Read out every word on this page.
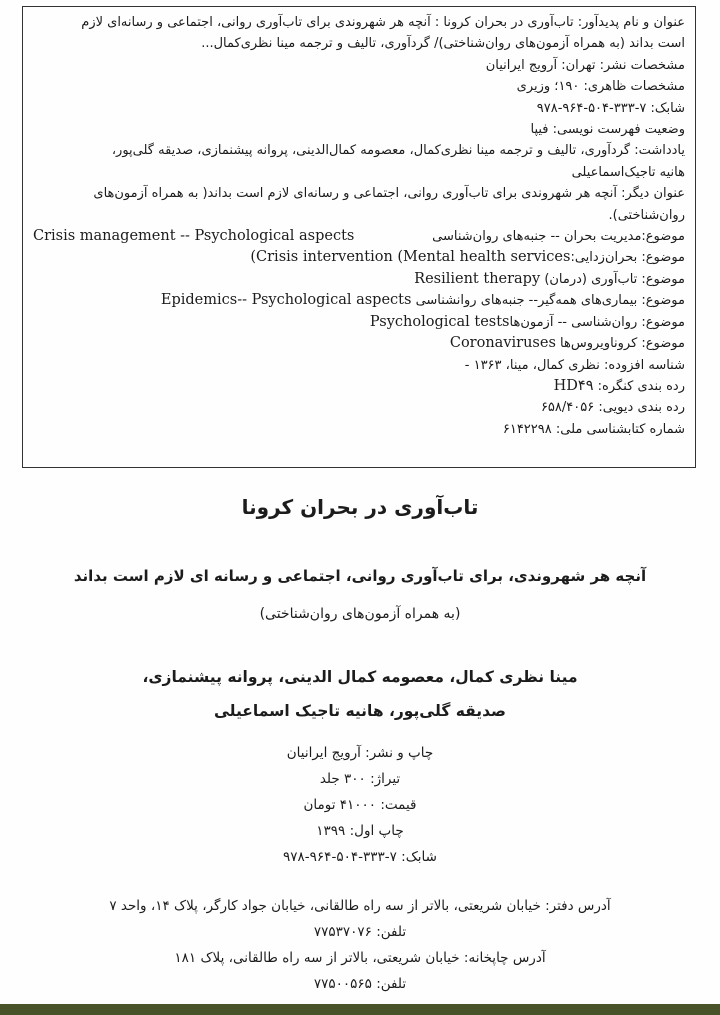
عنوان و نام پدیدآور: تاب‌آوری در بحران کرونا : آنچه هر شهروندی برای تاب‌آوری روانی، اجتماعی و رسانه‌ای لازم
است بداند (به همراه آزمون‌های روان‌شناختی)/ گردآوری، تالیف و ترجمه مینا نظری‌کمال...
مشخصات نشر: تهران: آرویج ایرانیان
مشخصات ظاهری: ۱۹۰؛ وزیری
شابک: ۷-۳۳۳-۵۰۴-۹۶۴-۹۷۸
وضعیت فهرست نویسی: فیپا
یادداشت: گردآوری، تالیف و ترجمه مینا نظری‌کمال، معصومه کمال‌الدینی، پروانه پیشنمازی، صدیقه گلی‌پور،
هانیه تاجیک‌اسماعیلی
عنوان دیگر: آنچه هر شهروندی برای تاب‌آوری روانی، اجتماعی و رسانه‌ای لازم است بداند( به همراه آزمون‌های
روان‌شناختی).
موضوع:مدیریت بحران -- جنبه‌های روان‌شناسی
Crisis management -- Psychological aspects
موضوع: بحران‌زدایی:(Crisis intervention (Mental health services
موضوع: تاب‌آوری (درمان) Resilient therapy
موضوع: بیماری‌های همه‌گیر-- جنبه‌های روانشناسی Epidemics-- Psychological aspects
موضوع: روان‌شناسی -- آزمون‌هاPsychological tests
موضوع: کروناویروس‌ها Coronaviruses
شناسه افزوده: نظری کمال، مینا، ۱۳۶۳ -
رده بندی کنگره: HD۴۹
رده بندی دیویی: ۶۵۸/۴۰۵۶
شماره کتابشناسی ملی: ۶۱۴۲۲۹۸
تاب‌آوری در بحران کرونا
آنچه هر شهروندی، برای تاب‌آوری روانی، اجتماعی و رسانه ای لازم است بداند
(به همراه آزمون‌های روان‌شناختی)
مینا نظری کمال، معصومه کمال الدینی، پروانه پیشنمازی،
صدیقه گلی‌پور، هانیه تاجیک اسماعیلی
چاپ و نشر: آرویج ایرانیان
تیراژ: ۳۰۰ جلد
قیمت: ۴۱۰۰۰ تومان
چاپ اول: ۱۳۹۹
شابک: ۷-۳۳۳-۵۰۴-۹۶۴-۹۷۸
آدرس دفتر: خیابان شریعتی، بالاتر از سه راه طالقانی، خیابان جواد کارگر، پلاک ۱۴، واحد ۷
تلفن: ۷۷۵۳۷۰۷۶
آدرس چاپخانه: خیابان شریعتی، بالاتر از سه راه طالقانی، پلاک ۱۸۱
تلفن: ۷۷۵۰۰۵۶۵
